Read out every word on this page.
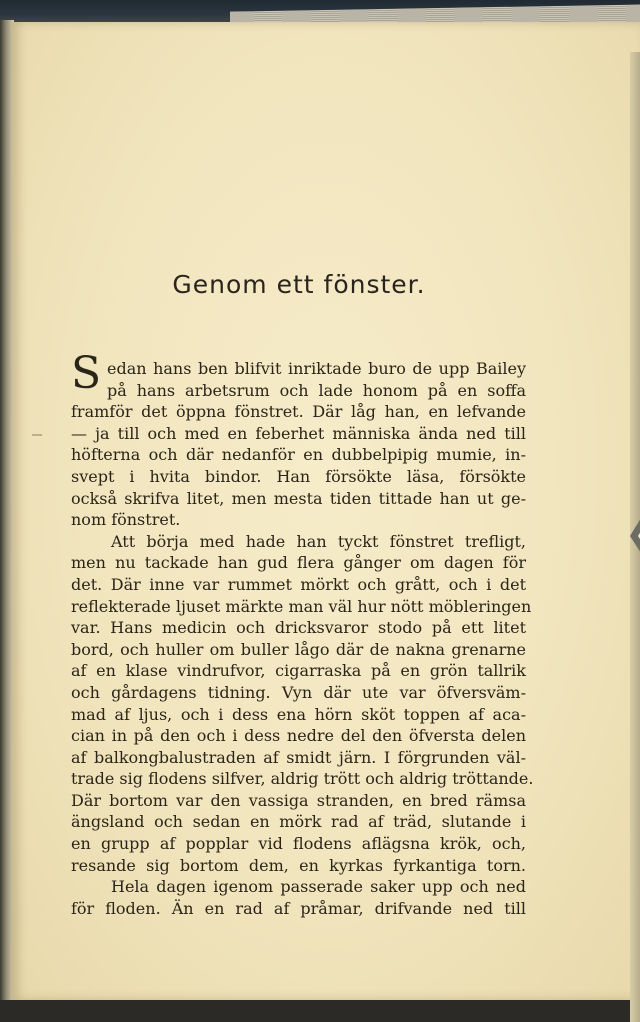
Genom ett fönster.
S edan hans ben blifvit inriktade buro de upp Bailey
på hans arbetsrum och lade honom på en soffa
framför det öppna fönstret. Där låg han, en lefvande
— ja till och med en feberhet människa ända ned till
höfterna och där nedanför en dubbelpipig mumie, in-
svept i hvita bindor. Han försökte läsa, försökte
också skrifva litet, men mesta tiden tittade han ut ge-
nom fönstret.
Att börja med hade han tyckt fönstret trefligt,
men nu tackade han gud flera gånger om dagen för
det. Där inne var rummet mörkt och grått, och i det
reflekterade ljuset märkte man väl hur nött möbleringen
var. Hans medicin och dricksvaror stodo på ett litet
bord, och huller om buller lågo där de nakna grenarne
af en klase vindrufvor, cigarraska på en grön tallrik
och gårdagens tidning. Vyn där ute var öfversväm-
mad af ljus, och i dess ena hörn sköt toppen af aca-
cian in på den och i dess nedre del den öfversta delen
af balkongbalustraden af smidt järn. I förgrunden väl-
trade sig flodens silfver, aldrig trött och aldrig tröttande.
Där bortom var den vassiga stranden, en bred rämsa
ängsland och sedan en mörk rad af träd, slutande i
en grupp af popplar vid flodens aflägsna krök, och,
resande sig bortom dem, en kyrkas fyrkantiga torn.
Hela dagen igenom passerade saker upp och ned
för floden. Än en rad af pråmar, drifvande ned till
